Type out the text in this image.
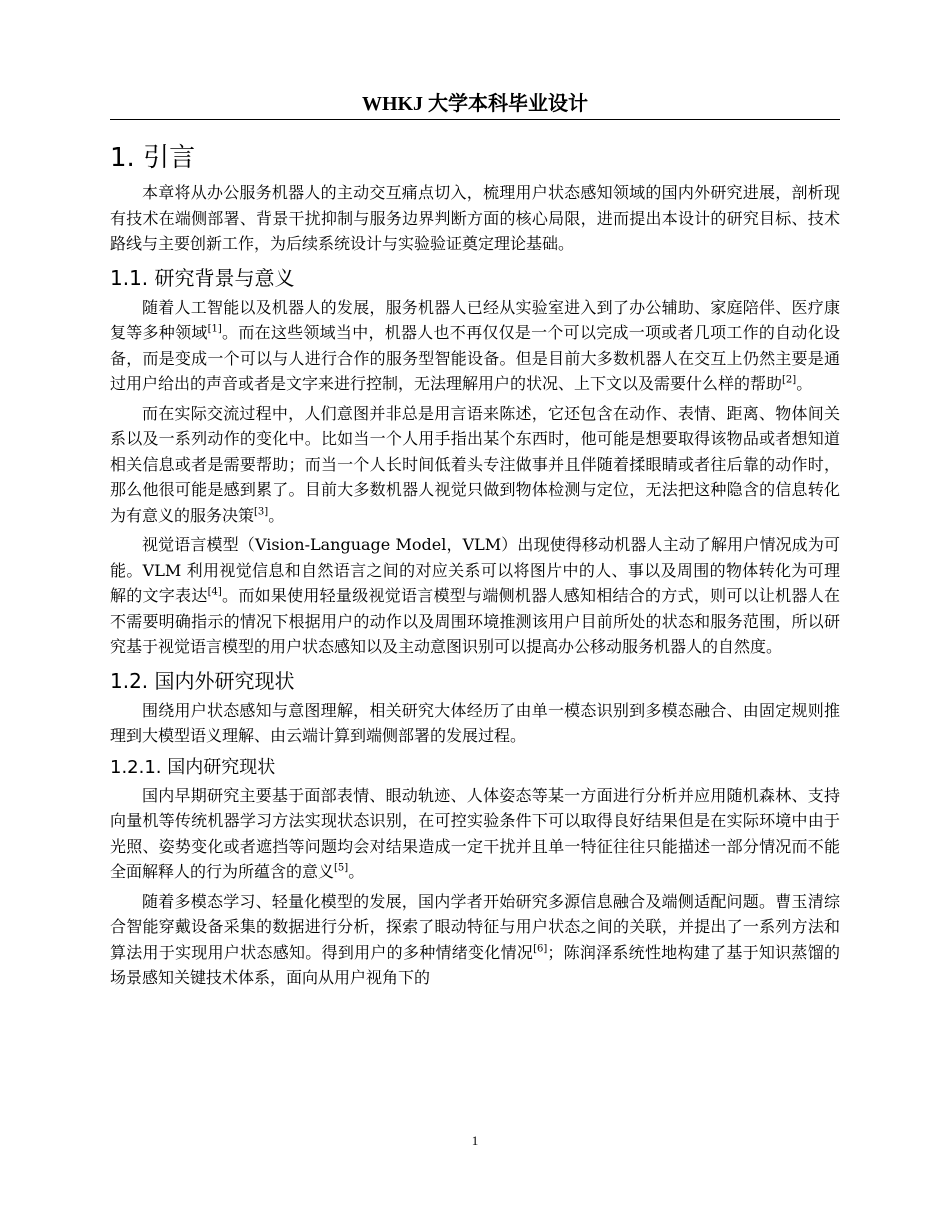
WHKJ 大学本科毕业设计
1. 引言

本章将从办公服务机器人的主动交互痛点切入，梳理用户状态感知领域的国内外研究进展，剖析现有技术在端侧部署、背景干扰抑制与服务边界判断方面的核心局限，进而提出本设计的研究目标、技术路线与主要创新工作，为后续系统设计与实验验证奠定理论基础。

1.1. 研究背景与意义

随着人工智能以及机器人的发展，服务机器人已经从实验室进入到了办公辅助、家庭陪伴、医疗康复等多种领域[1]。而在这些领域当中，机器人也不再仅仅是一个可以完成一项或者几项工作的自动化设备，而是变成一个可以与人进行合作的服务型智能设备。但是目前大多数机器人在交互上仍然主要是通过用户给出的声音或者是文字来进行控制，无法理解用户的状况、上下文以及需要什么样的帮助[2]。

而在实际交流过程中，人们意图并非总是用言语来陈述，它还包含在动作、表情、距离、物体间关系以及一系列动作的变化中。比如当一个人用手指出某个东西时，他可能是想要取得该物品或者想知道相关信息或者是需要帮助；而当一个人长时间低着头专注做事并且伴随着揉眼睛或者往后靠的动作时，那么他很可能是感到累了。目前大多数机器人视觉只做到物体检测与定位，无法把这种隐含的信息转化为有意义的服务决策[3]。

视觉语言模型（Vision-Language Model，VLM）出现使得移动机器人主动了解用户情况成为可能。VLM 利用视觉信息和自然语言之间的对应关系可以将图片中的人、事以及周围的物体转化为可理解的文字表达[4]。而如果使用轻量级视觉语言模型与端侧机器人感知相结合的方式，则可以让机器人在不需要明确指示的情况下根据用户的动作以及周围环境推测该用户目前所处的状态和服务范围，所以研究基于视觉语言模型的用户状态感知以及主动意图识别可以提高办公移动服务机器人的自然度。

1.2. 国内外研究现状

围绕用户状态感知与意图理解，相关研究大体经历了由单一模态识别到多模态融合、由固定规则推理到大模型语义理解、由云端计算到端侧部署的发展过程。

1.2.1. 国内研究现状

国内早期研究主要基于面部表情、眼动轨迹、人体姿态等某一方面进行分析并应用随机森林、支持向量机等传统机器学习方法实现状态识别，在可控实验条件下可以取得良好结果但是在实际环境中由于光照、姿势变化或者遮挡等问题均会对结果造成一定干扰并且单一特征往往只能描述一部分情况而不能全面解释人的行为所蕴含的意义[5]。

随着多模态学习、轻量化模型的发展，国内学者开始研究多源信息融合及端侧适配问题。曹玉清综合智能穿戴设备采集的数据进行分析，探索了眼动特征与用户状态之间的关联，并提出了一系列方法和算法用于实现用户状态感知。得到用户的多种情绪变化情况[6]；陈润泽系统性地构建了基于知识蒸馏的场景感知关键技术体系，面向从用户视角下的

1
